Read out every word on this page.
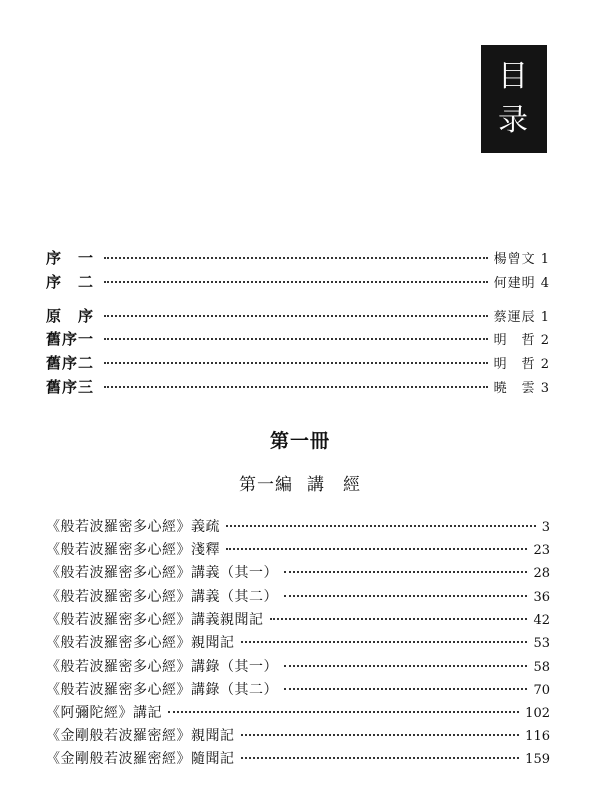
目
录
序　一	楊曾文 1
序　二	何建明 4
原　序	蔡運辰 1
舊序一	明　哲 2
舊序二	明　哲 2
舊序三	曉　雲 3
第一冊
第一編 講　經
《般若波羅密多心經》義疏	3
《般若波羅密多心經》淺釋	23
《般若波羅密多心經》講義（其一）	28
《般若波羅密多心經》講義（其二）	36
《般若波羅密多心經》講義親聞記	42
《般若波羅密多心經》親聞記	53
《般若波羅密多心經》講錄（其一）	58
《般若波羅密多心經》講錄（其二）	70
《阿彌陀經》講記	102
《金剛般若波羅密經》親聞記	116
《金剛般若波羅密經》隨聞記	159
